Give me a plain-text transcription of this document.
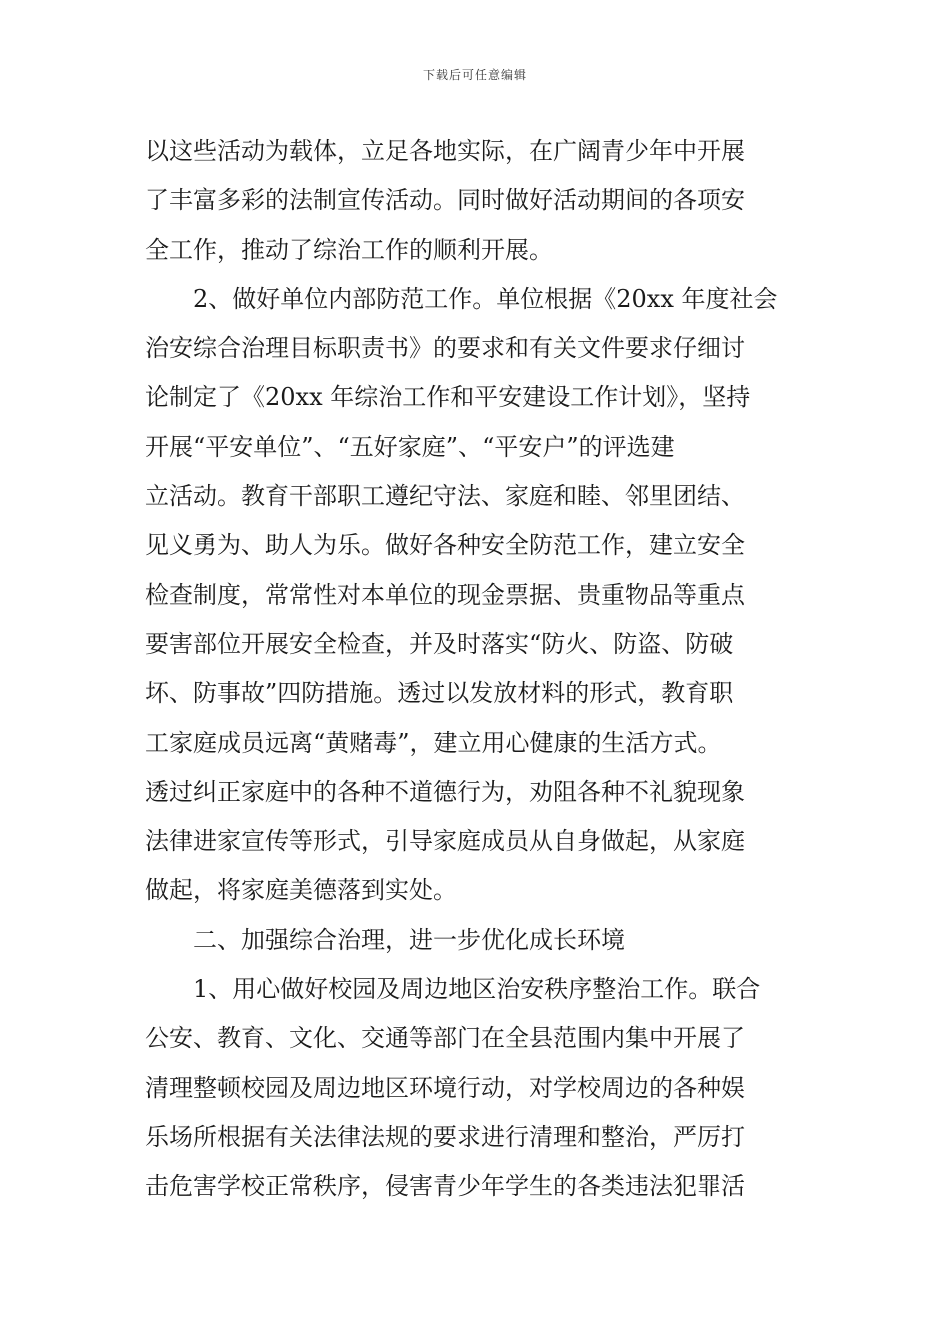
下载后可任意编辑
以这些活动为载体，立足各地实际，在广阔青少年中开展
了丰富多彩的法制宣传活动。同时做好活动期间的各项安
全工作，推动了综治工作的顺利开展。
　　2、做好单位内部防范工作。单位根据《20xx 年度社会
治安综合治理目标职责书》的要求和有关文件要求仔细讨
论制定了《20xx 年综治工作和平安建设工作计划》，坚持
开展“平安单位”、“五好家庭”、“平安户”的评选建
立活动。教育干部职工遵纪守法、家庭和睦、邻里团结、
见义勇为、助人为乐。做好各种安全防范工作，建立安全
检查制度，常常性对本单位的现金票据、贵重物品等重点
要害部位开展安全检查，并及时落实“防火、防盗、防破
坏、防事故”四防措施。透过以发放材料的形式，教育职
工家庭成员远离“黄赌毒”，建立用心健康的生活方式。
透过纠正家庭中的各种不道德行为，劝阻各种不礼貌现象
法律进家宣传等形式，引导家庭成员从自身做起，从家庭
做起，将家庭美德落到实处。
　　二、加强综合治理，进一步优化成长环境
　　1、用心做好校园及周边地区治安秩序整治工作。联合
公安、教育、文化、交通等部门在全县范围内集中开展了
清理整顿校园及周边地区环境行动，对学校周边的各种娱
乐场所根据有关法律法规的要求进行清理和整治，严厉打
击危害学校正常秩序，侵害青少年学生的各类违法犯罪活
